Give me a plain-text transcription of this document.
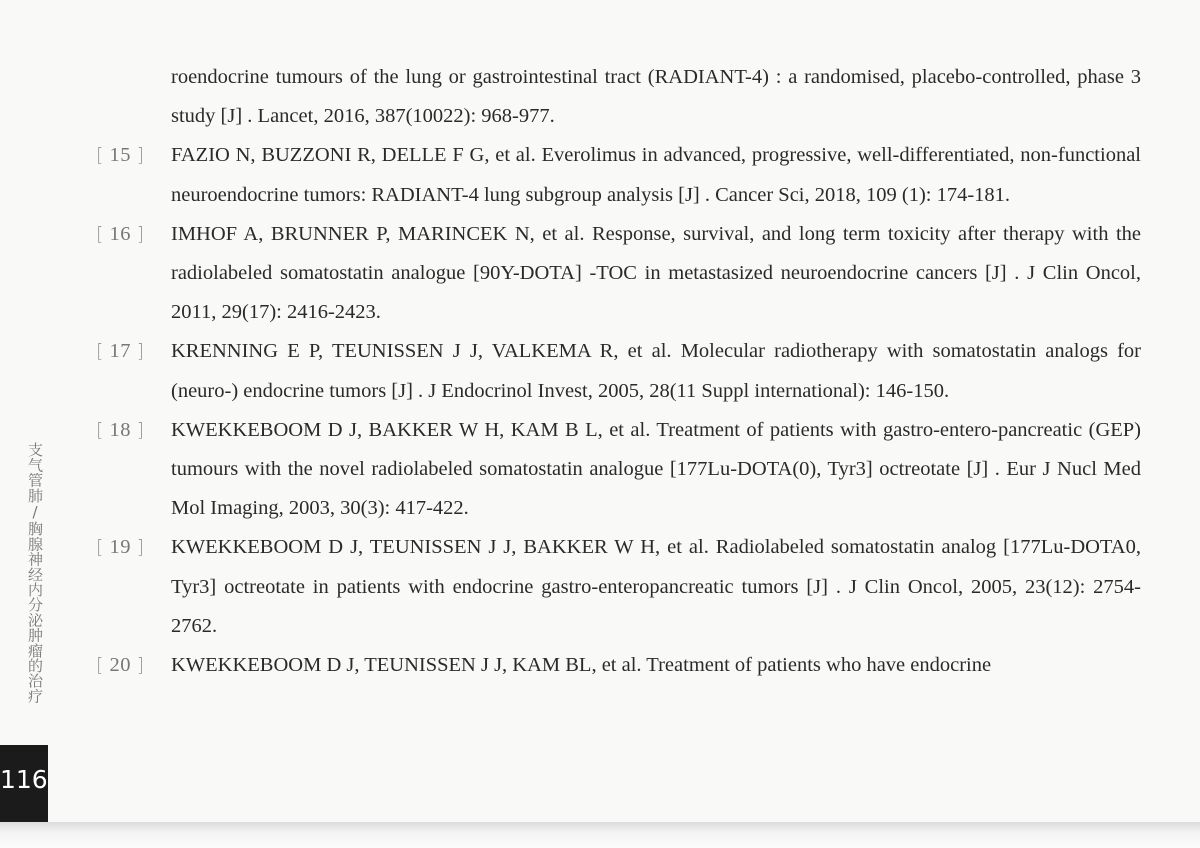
roendocrine tumours of the lung or gastrointestinal tract (RADIANT-4) : a randomised, placebo-controlled, phase 3 study [J] . Lancet, 2016, 387(10022): 968-977.

[ 15 ]	FAZIO N, BUZZONI R, DELLE F G, et al. Everolimus in advanced, progressive, well-differentiated, non-functional neuroendocrine tumors: RADIANT-4 lung subgroup analysis [J] . Cancer Sci, 2018, 109 (1): 174-181.

[ 16 ]	IMHOF A, BRUNNER P, MARINCEK N, et al. Response, survival, and long term toxicity after therapy with the radiolabeled somatostatin analogue [90Y-DOTA] -TOC in metastasized neuroendocrine cancers [J] . J Clin Oncol, 2011, 29(17): 2416-2423.

[ 17 ]	KRENNING E P, TEUNISSEN J J, VALKEMA R, et al. Molecular radiotherapy with somatostatin analogs for (neuro-) endocrine tumors [J] . J Endocrinol Invest, 2005, 28(11 Suppl international): 146-150.

[ 18 ]	KWEKKEBOOM D J, BAKKER W H, KAM B L, et al. Treatment of patients with gastro-entero-pancreatic (GEP) tumours with the novel radiolabeled somatostatin analogue [177Lu-DOTA(0), Tyr3] octreotate [J] . Eur J Nucl Med Mol Imaging, 2003, 30(3): 417-422.

[ 19 ]	KWEKKEBOOM D J, TEUNISSEN J J, BAKKER W H, et al. Radiolabeled somatostatin analog [177Lu-DOTA0, Tyr3] octreotate in patients with endocrine gastro-enteropancreatic tumors [J] . J Clin Oncol, 2005, 23(12): 2754-2762.

[ 20 ]	KWEKKEBOOM D J, TEUNISSEN J J, KAM BL, et al. Treatment of patients who have endocrine

支气管肺/胸腺神经内分泌肿瘤的治疗
116
